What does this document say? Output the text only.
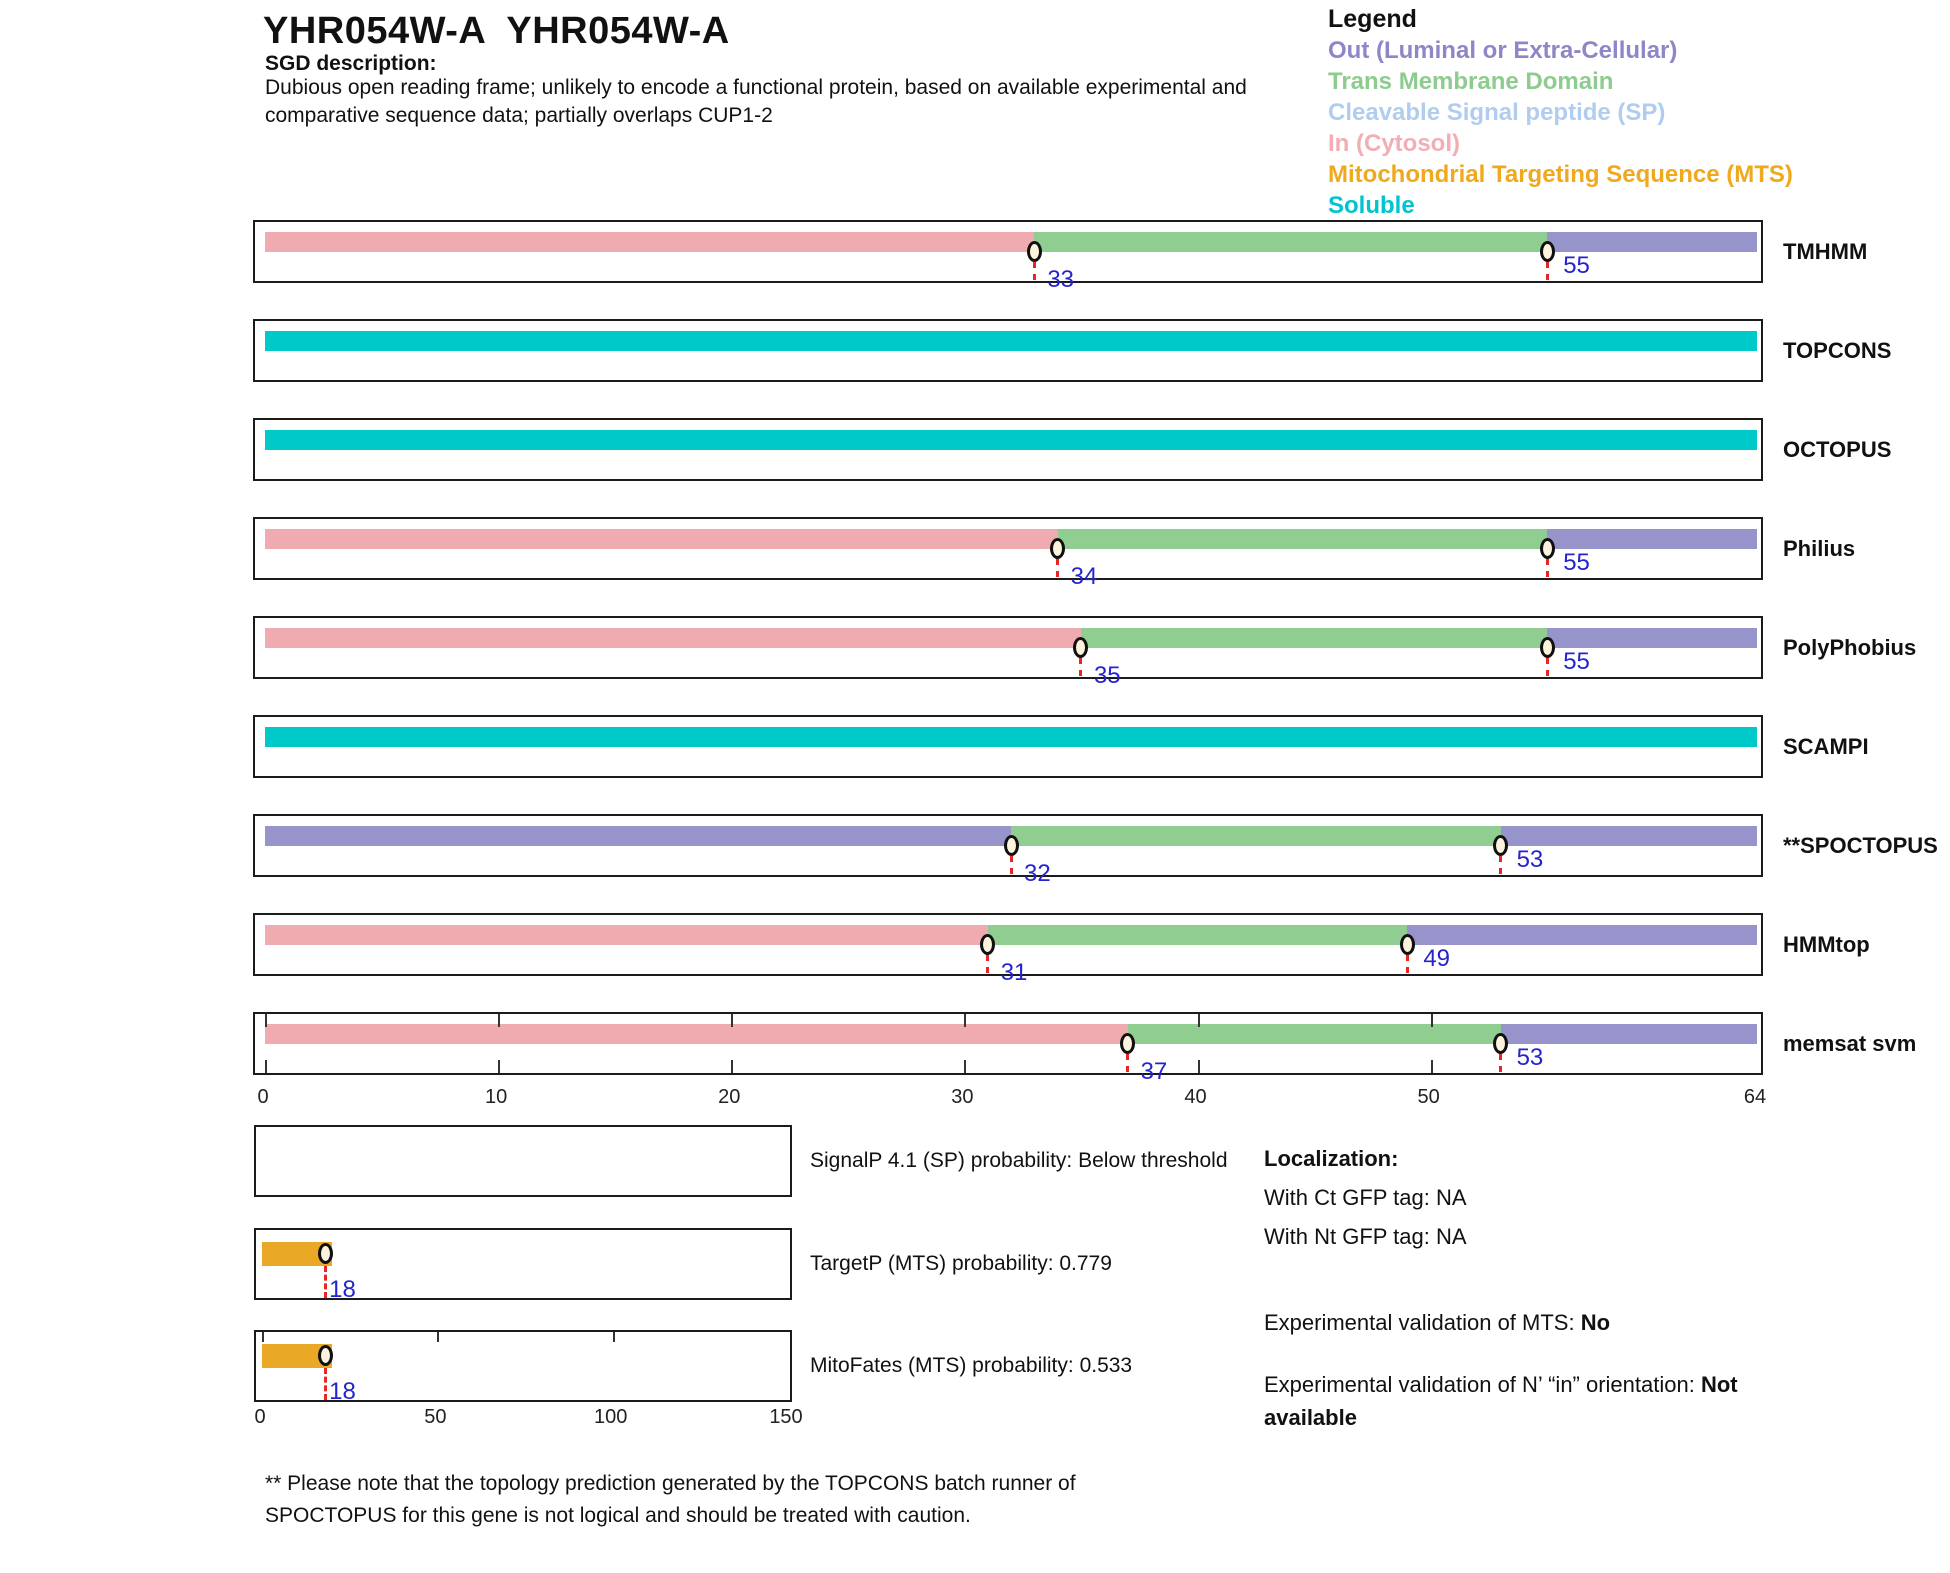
YHR054W-A  YHR054W-A
SGD description:
Dubious open reading frame; unlikely to encode a functional protein, based on available experimental and
comparative sequence data; partially overlaps CUP1-2
Legend
Out (Luminal or Extra-Cellular)
Trans Membrane Domain
Cleavable Signal peptide (SP)
In (Cytosol)
Mitochondrial Targeting Sequence (MTS)
Soluble
33
55
TMHMM
TOPCONS
OCTOPUS
34
55
Philius
35
55
PolyPhobius
SCAMPI
32
53
**SPOCTOPUS
31
49
HMMtop
37
53
memsat svm
0	10	20	30	40	50	64
SignalP 4.1 (SP) probability: Below threshold
18
TargetP (MTS) probability: 0.779
18
MitoFates (MTS) probability: 0.533
0	50	100	150
Localization:
With Ct GFP tag: NA
With Nt GFP tag: NA
Experimental validation of MTS: No
Experimental validation of N’ “in” orientation: Not available
** Please note that the topology prediction generated by the TOPCONS batch runner of
SPOCTOPUS for this gene is not logical and should be treated with caution.
